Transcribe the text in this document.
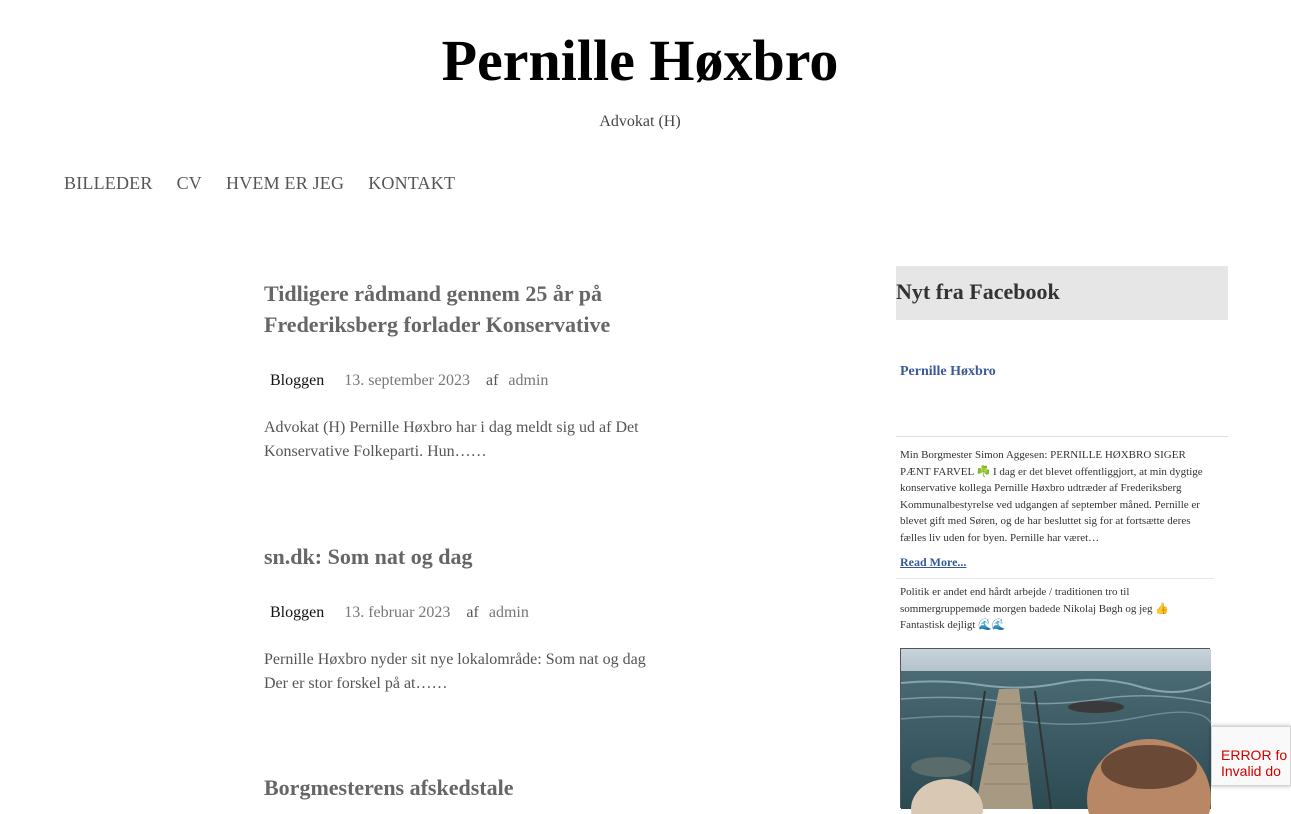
Pernille Høxbro
Advokat (H)
BILLEDER CV HVEM ER JEG KONTAKT
Tidligere rådmand gennem 25 år på Frederiksberg forlader Konservative
Bloggen 13. september 2023 af admin

Advokat (H) Pernille Høxbro har i dag meldt sig ud af Det Konservative Folkeparti. Hun……

sn.dk: Som nat og dag
Bloggen 13. februar 2023 af admin

Pernille Høxbro nyder sit nye lokalområde: Som nat og dag Der er stor forskel på at……

Borgmesterens afskedstale
Nyt fra Facebook
Pernille Høxbro

Min Borgmester Simon Aggesen: PERNILLE HØXBRO SIGER PÆNT FARVEL ☘️ I dag er det blevet offentliggjort, at min dygtige konservative kollega Pernille Høxbro udtræder af Frederiksberg Kommunalbestyrelse ved udgangen af september måned. Pernille er blevet gift med Søren, og de har besluttet sig for at fortsætte deres fælles liv uden for byen. Pernille har været…

Read More...

Politik er andet end hårdt arbejde / traditionen tro til sommergruppemøde morgen badede Nikolaj Bøgh og jeg 👍 Fantastisk dejligt 🌊🌊

ERROR fo
Invalid do
